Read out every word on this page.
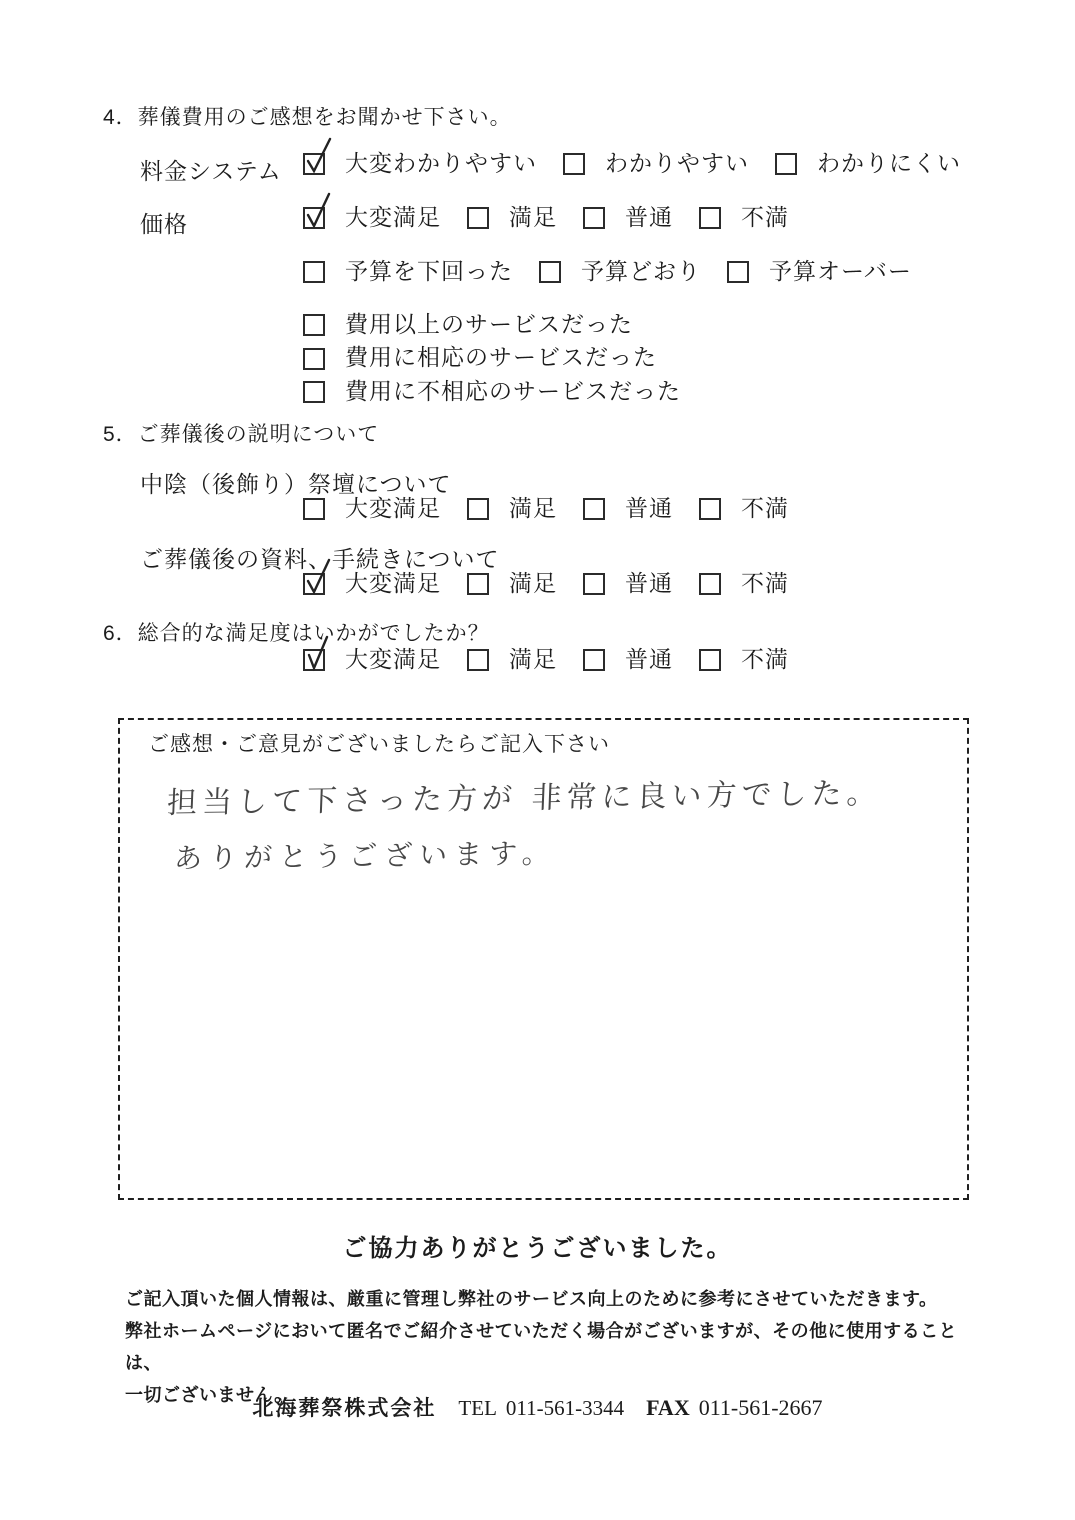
4．葬儀費用のご感想をお聞かせ下さい。
料金システム	大変わかりやすい	わかりやすい	わかりにくい
価格	大変満足	満足	普通	不満
予算を下回った	予算どおり	予算オーバー
費用以上のサービスだった
費用に相応のサービスだった
費用に不相応のサービスだった
5．ご葬儀後の説明について
中陰（後飾り）祭壇について
大変満足	満足	普通	不満
ご葬儀後の資料、手続きについて
大変満足	満足	普通	不満
6．総合的な満足度はいかがでしたか？
大変満足	満足	普通	不満
ご感想・ご意見がございましたらご記入下さい
担当して下さった方が 非常に良い方でした。
ありがとうございます。
ご協力ありがとうございました。
ご記入頂いた個人情報は、厳重に管理し弊社のサービス向上のために参考にさせていただきます。
弊社ホームページにおいて匿名でご紹介させていただく場合がございますが、その他に使用することは、
一切ございません。
北海葬祭株式会社 TEL 011-561-3344 FAX 011-561-2667
